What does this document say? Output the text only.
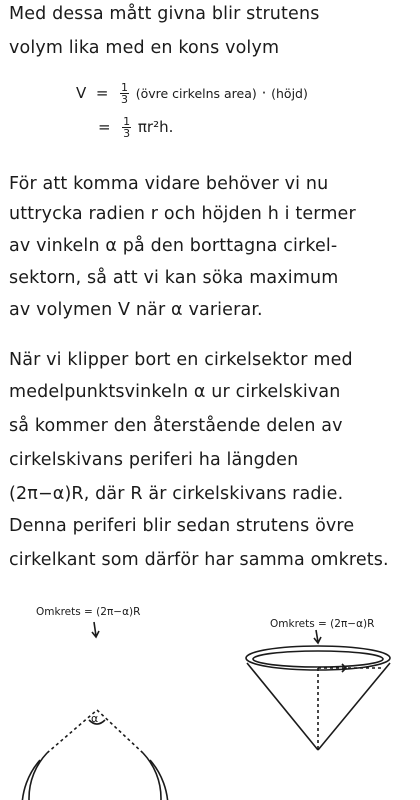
Med dessa mått givna blir strutens
volym lika med en kons volym
$V = \frac{1}{3}$ (övre cirkelns area) · (höjd)
= $\frac{1}{3} \pi r^2h$.
För att komma vidare behöver vi nu
uttrycka radien r och höjden h i termer
av vinkeln α på den borttagna cirkel-
sektorn, så att vi kan söka maximum
av volymen V när α varierar.
När vi klipper bort en cirkelsektor med
medelpunktsvinkeln α ur cirkelskivan
så kommer den återstående delen av
cirkelskivans periferi ha längden
(2π−α)R, där R är cirkelskivans radie.
Denna periferi blir sedan strutens övre
cirkelkant som därför har samma omkrets.
Omkrets = (2π−α)R
α
Omkrets = (2π−α)R
